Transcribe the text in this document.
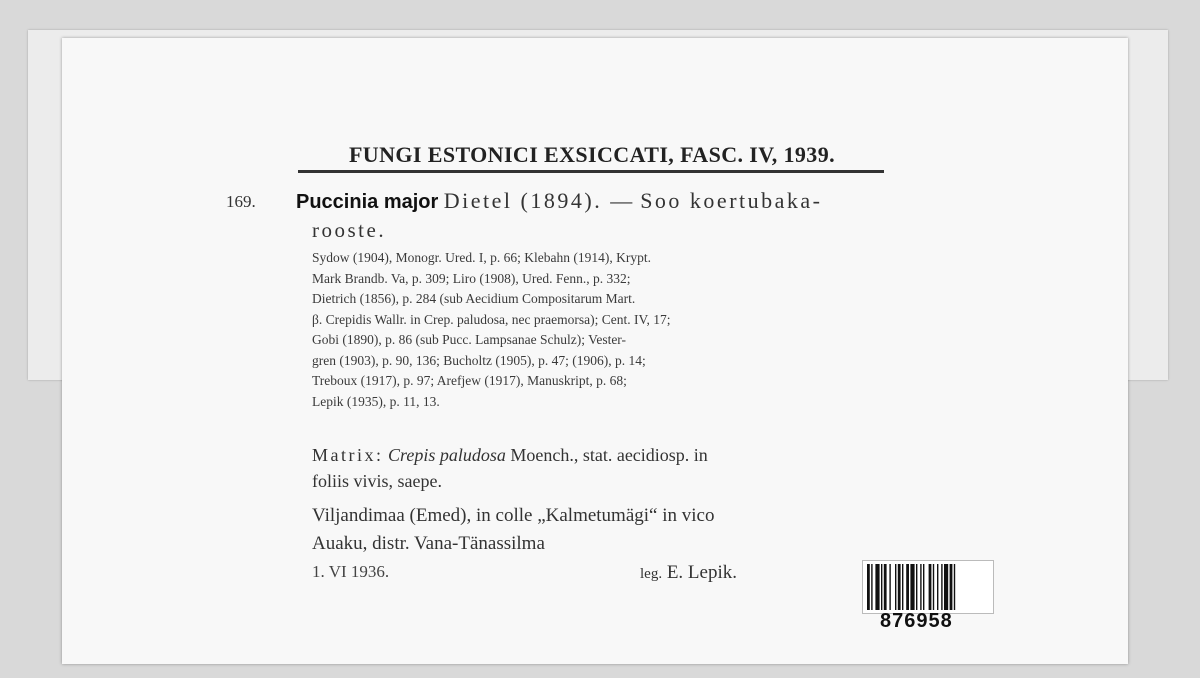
FUNGI ESTONICI EXSICCATI, FASC. IV, 1939.
169. Puccinia major Dietel (1894). — Soo koertubaka-
rooste.

Sydow (1904), Monogr. Ured. I, p. 66; Klebahn (1914), Krypt.

Mark Brandb. Va, p. 309; Liro (1908), Ured. Fenn., p. 332;

Dietrich (1856), p. 284 (sub Aecidium Compositarum Mart.

β. Crepidis Wallr. in Crep. paludosa, nec praemorsa); Cent. IV, 17;

Gobi (1890), p. 86 (sub Pucc. Lampsanae Schulz); Vester-

gren (1903), p. 90, 136; Bucholtz (1905), p. 47; (1906), p. 14;

Treboux (1917), p. 97; Arefjew (1917), Manuskript, p. 68;

Lepik (1935), p. 11, 13.

Matrix: Crepis paludosa Moench., stat. aecidiosp. in

foliis vivis, saepe.

Viljandimaa (Emed), in colle „Kalmetumägi“ in vico

Auaku, distr. Vana-Tänassilma

1. VI 1936.	leg. E. Lepik.
876958
